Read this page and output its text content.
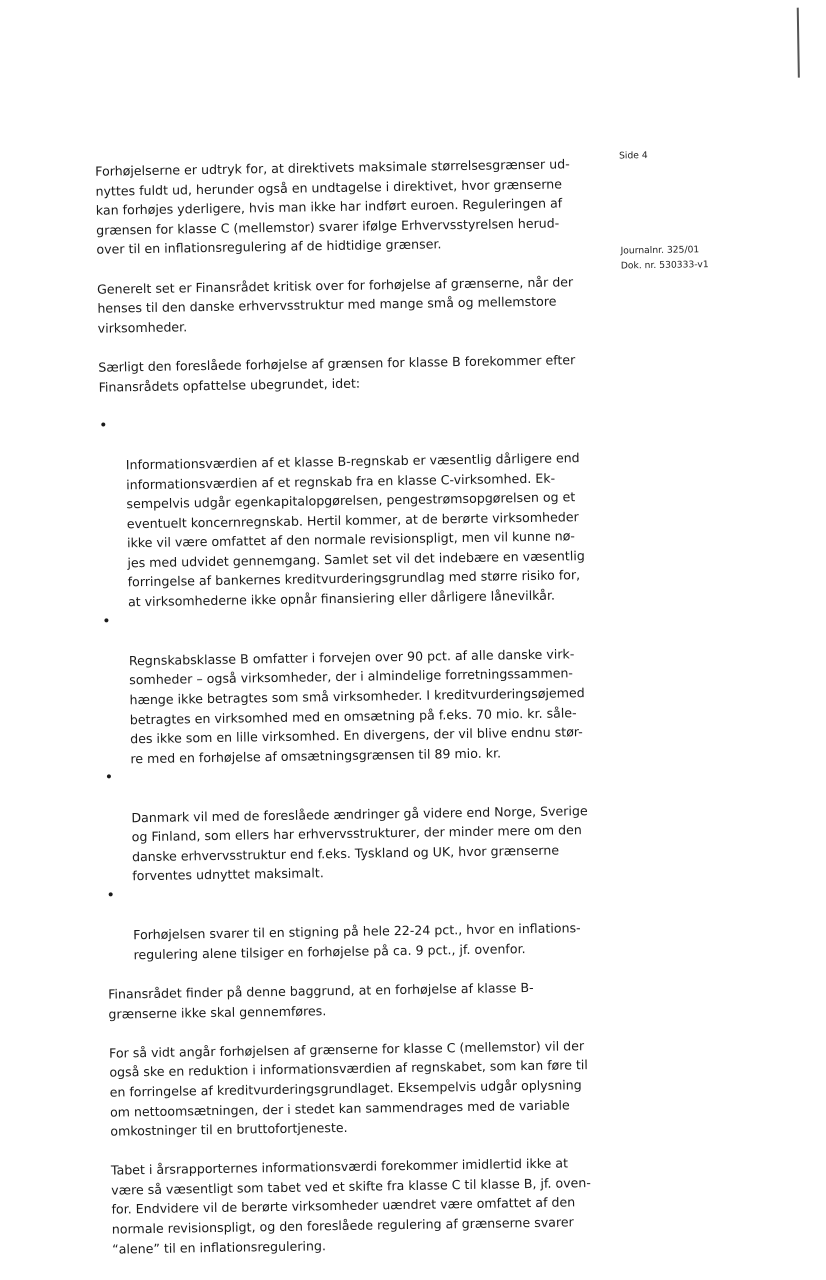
Side 4
Journalnr. 325/01
Dok. nr. 530333-v1

Forhøjelserne er udtryk for, at direktivets maksimale størrelsesgrænser ud-
nyttes fuldt ud, herunder også en undtagelse i direktivet, hvor grænserne
kan forhøjes yderligere, hvis man ikke har indført euroen. Reguleringen af
grænsen for klasse C (mellemstor) svarer ifølge Erhvervsstyrelsen herud-
over til en inflationsregulering af de hidtidige grænser.

Generelt set er Finansrådet kritisk over for forhøjelse af grænserne, når der
henses til den danske erhvervsstruktur med mange små og mellemstore
virksomheder.

Særligt den foreslåede forhøjelse af grænsen for klasse B forekommer efter
Finansrådets opfattelse ubegrundet, idet:

•

Informationsværdien af et klasse B-regnskab er væsentlig dårligere end
informationsværdien af et regnskab fra en klasse C-virksomhed. Ek-
sempelvis udgår egenkapitalopgørelsen, pengestrømsopgørelsen og et
eventuelt koncernregnskab. Hertil kommer, at de berørte virksomheder
ikke vil være omfattet af den normale revisionspligt, men vil kunne nø-
jes med udvidet gennemgang. Samlet set vil det indebære en væsentlig
forringelse af bankernes kreditvurderingsgrundlag med større risiko for,
at virksomhederne ikke opnår finansiering eller dårligere lånevilkår.

•

Regnskabsklasse B omfatter i forvejen over 90 pct. af alle danske virk-
somheder – også virksomheder, der i almindelige forretningssammen-
hænge ikke betragtes som små virksomheder. I kreditvurderingsøjemed
betragtes en virksomhed med en omsætning på f.eks. 70 mio. kr. såle-
des ikke som en lille virksomhed. En divergens, der vil blive endnu stør-
re med en forhøjelse af omsætningsgrænsen til 89 mio. kr.

•

Danmark vil med de foreslåede ændringer gå videre end Norge, Sverige
og Finland, som ellers har erhvervsstrukturer, der minder mere om den
danske erhvervsstruktur end f.eks. Tyskland og UK, hvor grænserne
forventes udnyttet maksimalt.

•

Forhøjelsen svarer til en stigning på hele 22-24 pct., hvor en inflations-
regulering alene tilsiger en forhøjelse på ca. 9 pct., jf. ovenfor.

Finansrådet finder på denne baggrund, at en forhøjelse af klasse B-
grænserne ikke skal gennemføres.

For så vidt angår forhøjelsen af grænserne for klasse C (mellemstor) vil der
også ske en reduktion i informationsværdien af regnskabet, som kan føre til
en forringelse af kreditvurderingsgrundlaget. Eksempelvis udgår oplysning
om nettoomsætningen, der i stedet kan sammendrages med de variable
omkostninger til en bruttofortjeneste.

Tabet i årsrapporternes informationsværdi forekommer imidlertid ikke at
være så væsentligt som tabet ved et skifte fra klasse C til klasse B, jf. oven-
for. Endvidere vil de berørte virksomheder uændret være omfattet af den
normale revisionspligt, og den foreslåede regulering af grænserne svarer
“alene” til en inflationsregulering.
